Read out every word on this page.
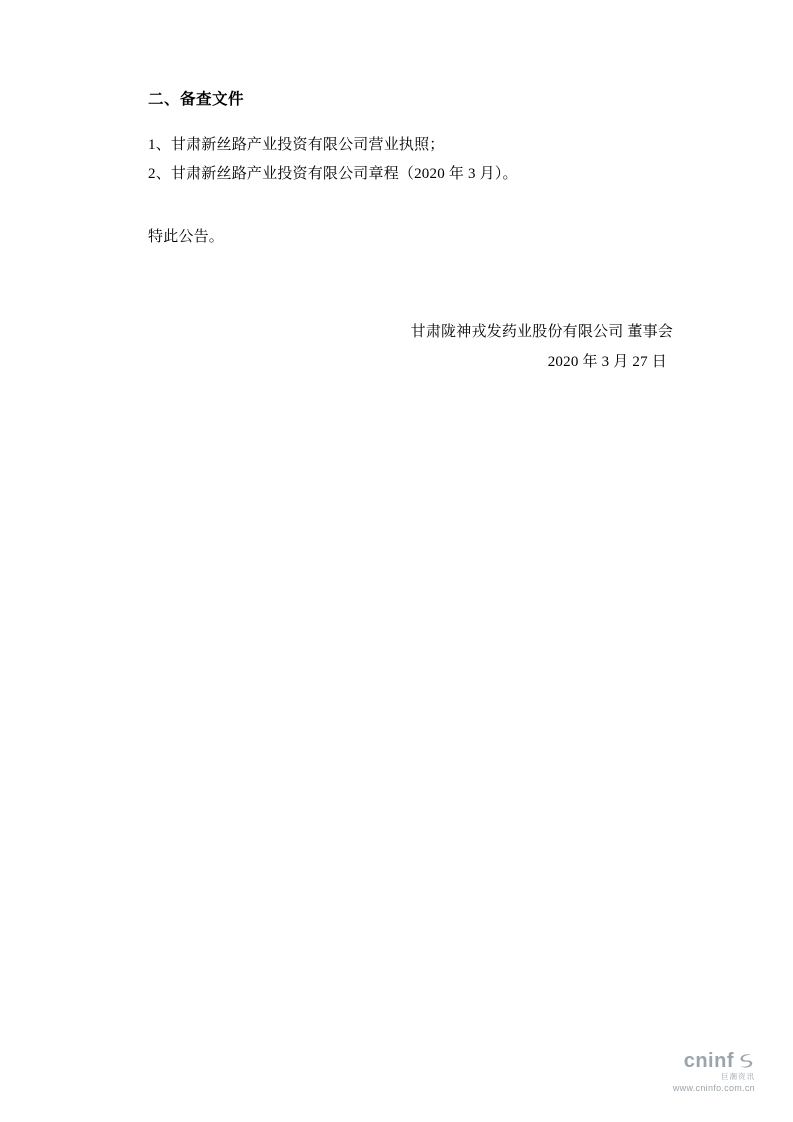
二、备查文件

1、甘肃新丝路产业投资有限公司营业执照；

2、甘肃新丝路产业投资有限公司章程（2020 年 3 月）。

特此公告。

甘肃陇神戎发药业股份有限公司 董事会
2020 年 3 月 27 日
cninf
巨潮资讯
www.cninfo.com.cn
